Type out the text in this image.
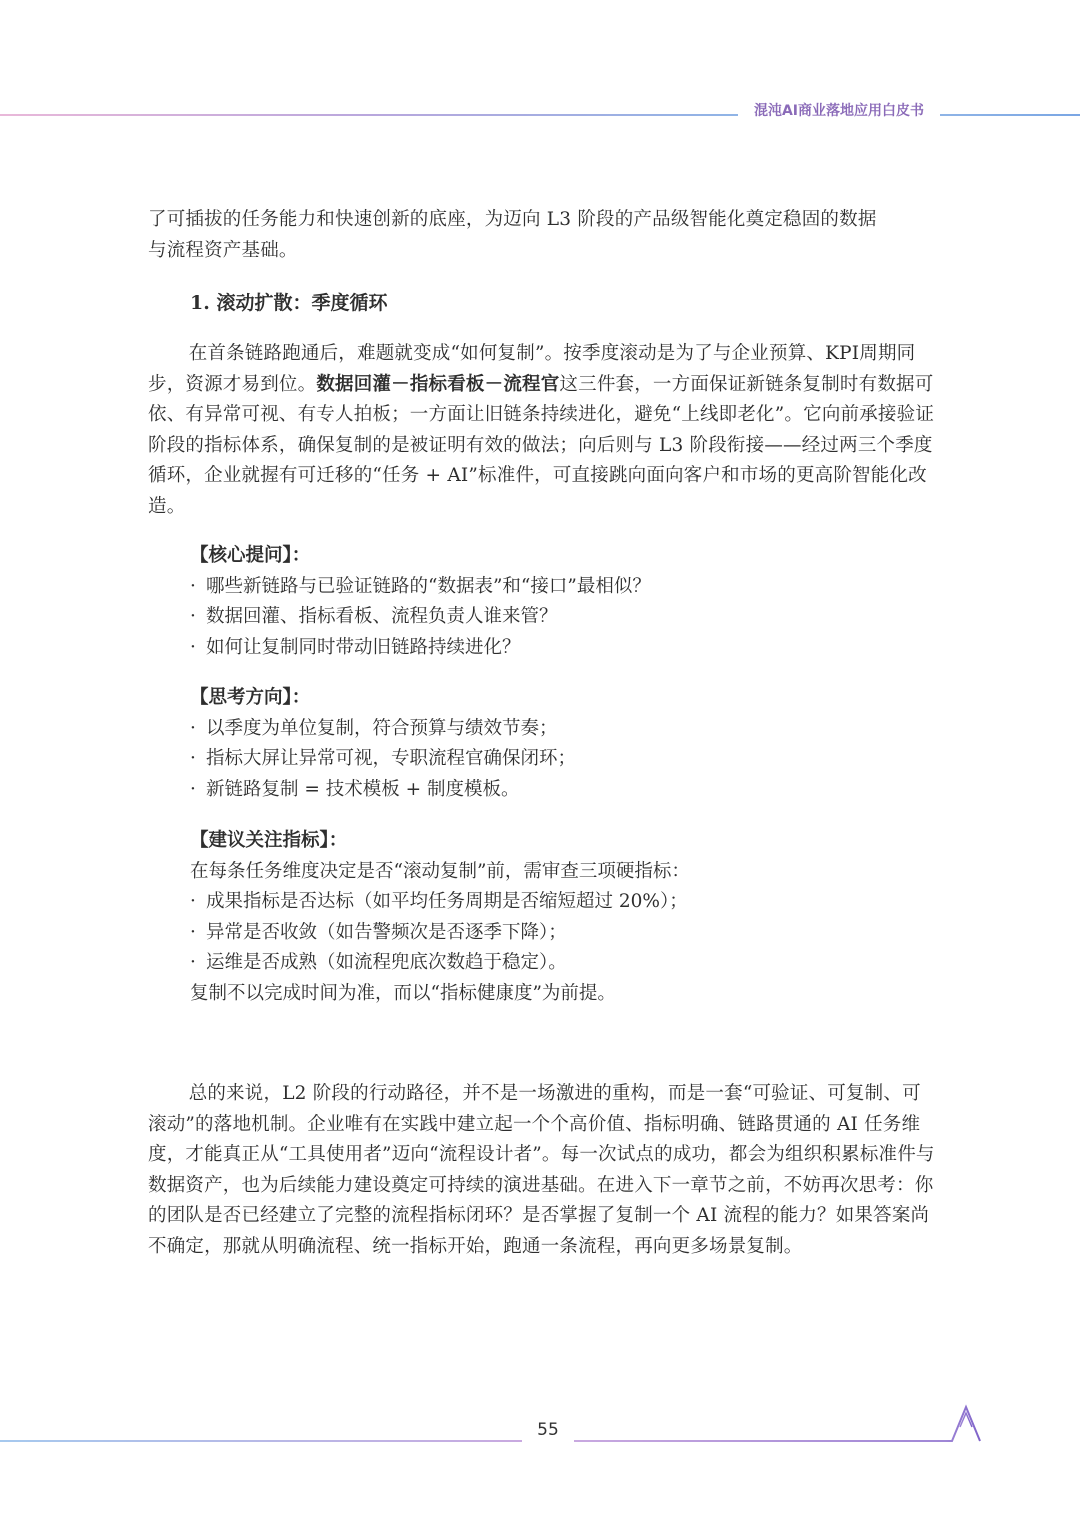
混沌AI商业落地应用白皮书

了可插拔的任务能力和快速创新的底座，为迈向 L3 阶段的产品级智能化奠定稳固的数据

与流程资产基础。

1. 滚动扩散：季度循环

在首条链路跑通后，难题就变成“如何复制”。按季度滚动是为了与企业预算、KPI周期同步，资源才易到位。数据回灌－指标看板－流程官这三件套，一方面保证新链条复制时有数据可依、有异常可视、有专人拍板；一方面让旧链条持续进化，避免“上线即老化”。它向前承接验证阶段的指标体系，确保复制的是被证明有效的做法；向后则与 L3 阶段衔接——经过两三个季度循环，企业就握有可迁移的“任务 + AI”标准件，可直接跳向面向客户和市场的更高阶智能化改造。

【核心提问】：
· 哪些新链路与已验证链路的“数据表”和“接口”最相似？
· 数据回灌、指标看板、流程负责人谁来管？
· 如何让复制同时带动旧链路持续进化？
【思考方向】：
· 以季度为单位复制，符合预算与绩效节奏；
· 指标大屏让异常可视，专职流程官确保闭环；
· 新链路复制 = 技术模板 + 制度模板。
【建议关注指标】：
在每条任务维度决定是否“滚动复制”前，需审查三项硬指标：
· 成果指标是否达标（如平均任务周期是否缩短超过 20%）；
· 异常是否收敛（如告警频次是否逐季下降）；
· 运维是否成熟（如流程兜底次数趋于稳定）。
复制不以完成时间为准，而以“指标健康度”为前提。

总的来说，L2 阶段的行动路径，并不是一场激进的重构，而是一套“可验证、可复制、可滚动”的落地机制。企业唯有在实践中建立起一个个高价值、指标明确、链路贯通的 AI 任务维度，才能真正从“工具使用者”迈向“流程设计者”。每一次试点的成功，都会为组织积累标准件与数据资产，也为后续能力建设奠定可持续的演进基础。在进入下一章节之前，不妨再次思考：你的团队是否已经建立了完整的流程指标闭环？是否掌握了复制一个 AI 流程的能力？如果答案尚不确定，那就从明确流程、统一指标开始，跑通一条流程，再向更多场景复制。

55
